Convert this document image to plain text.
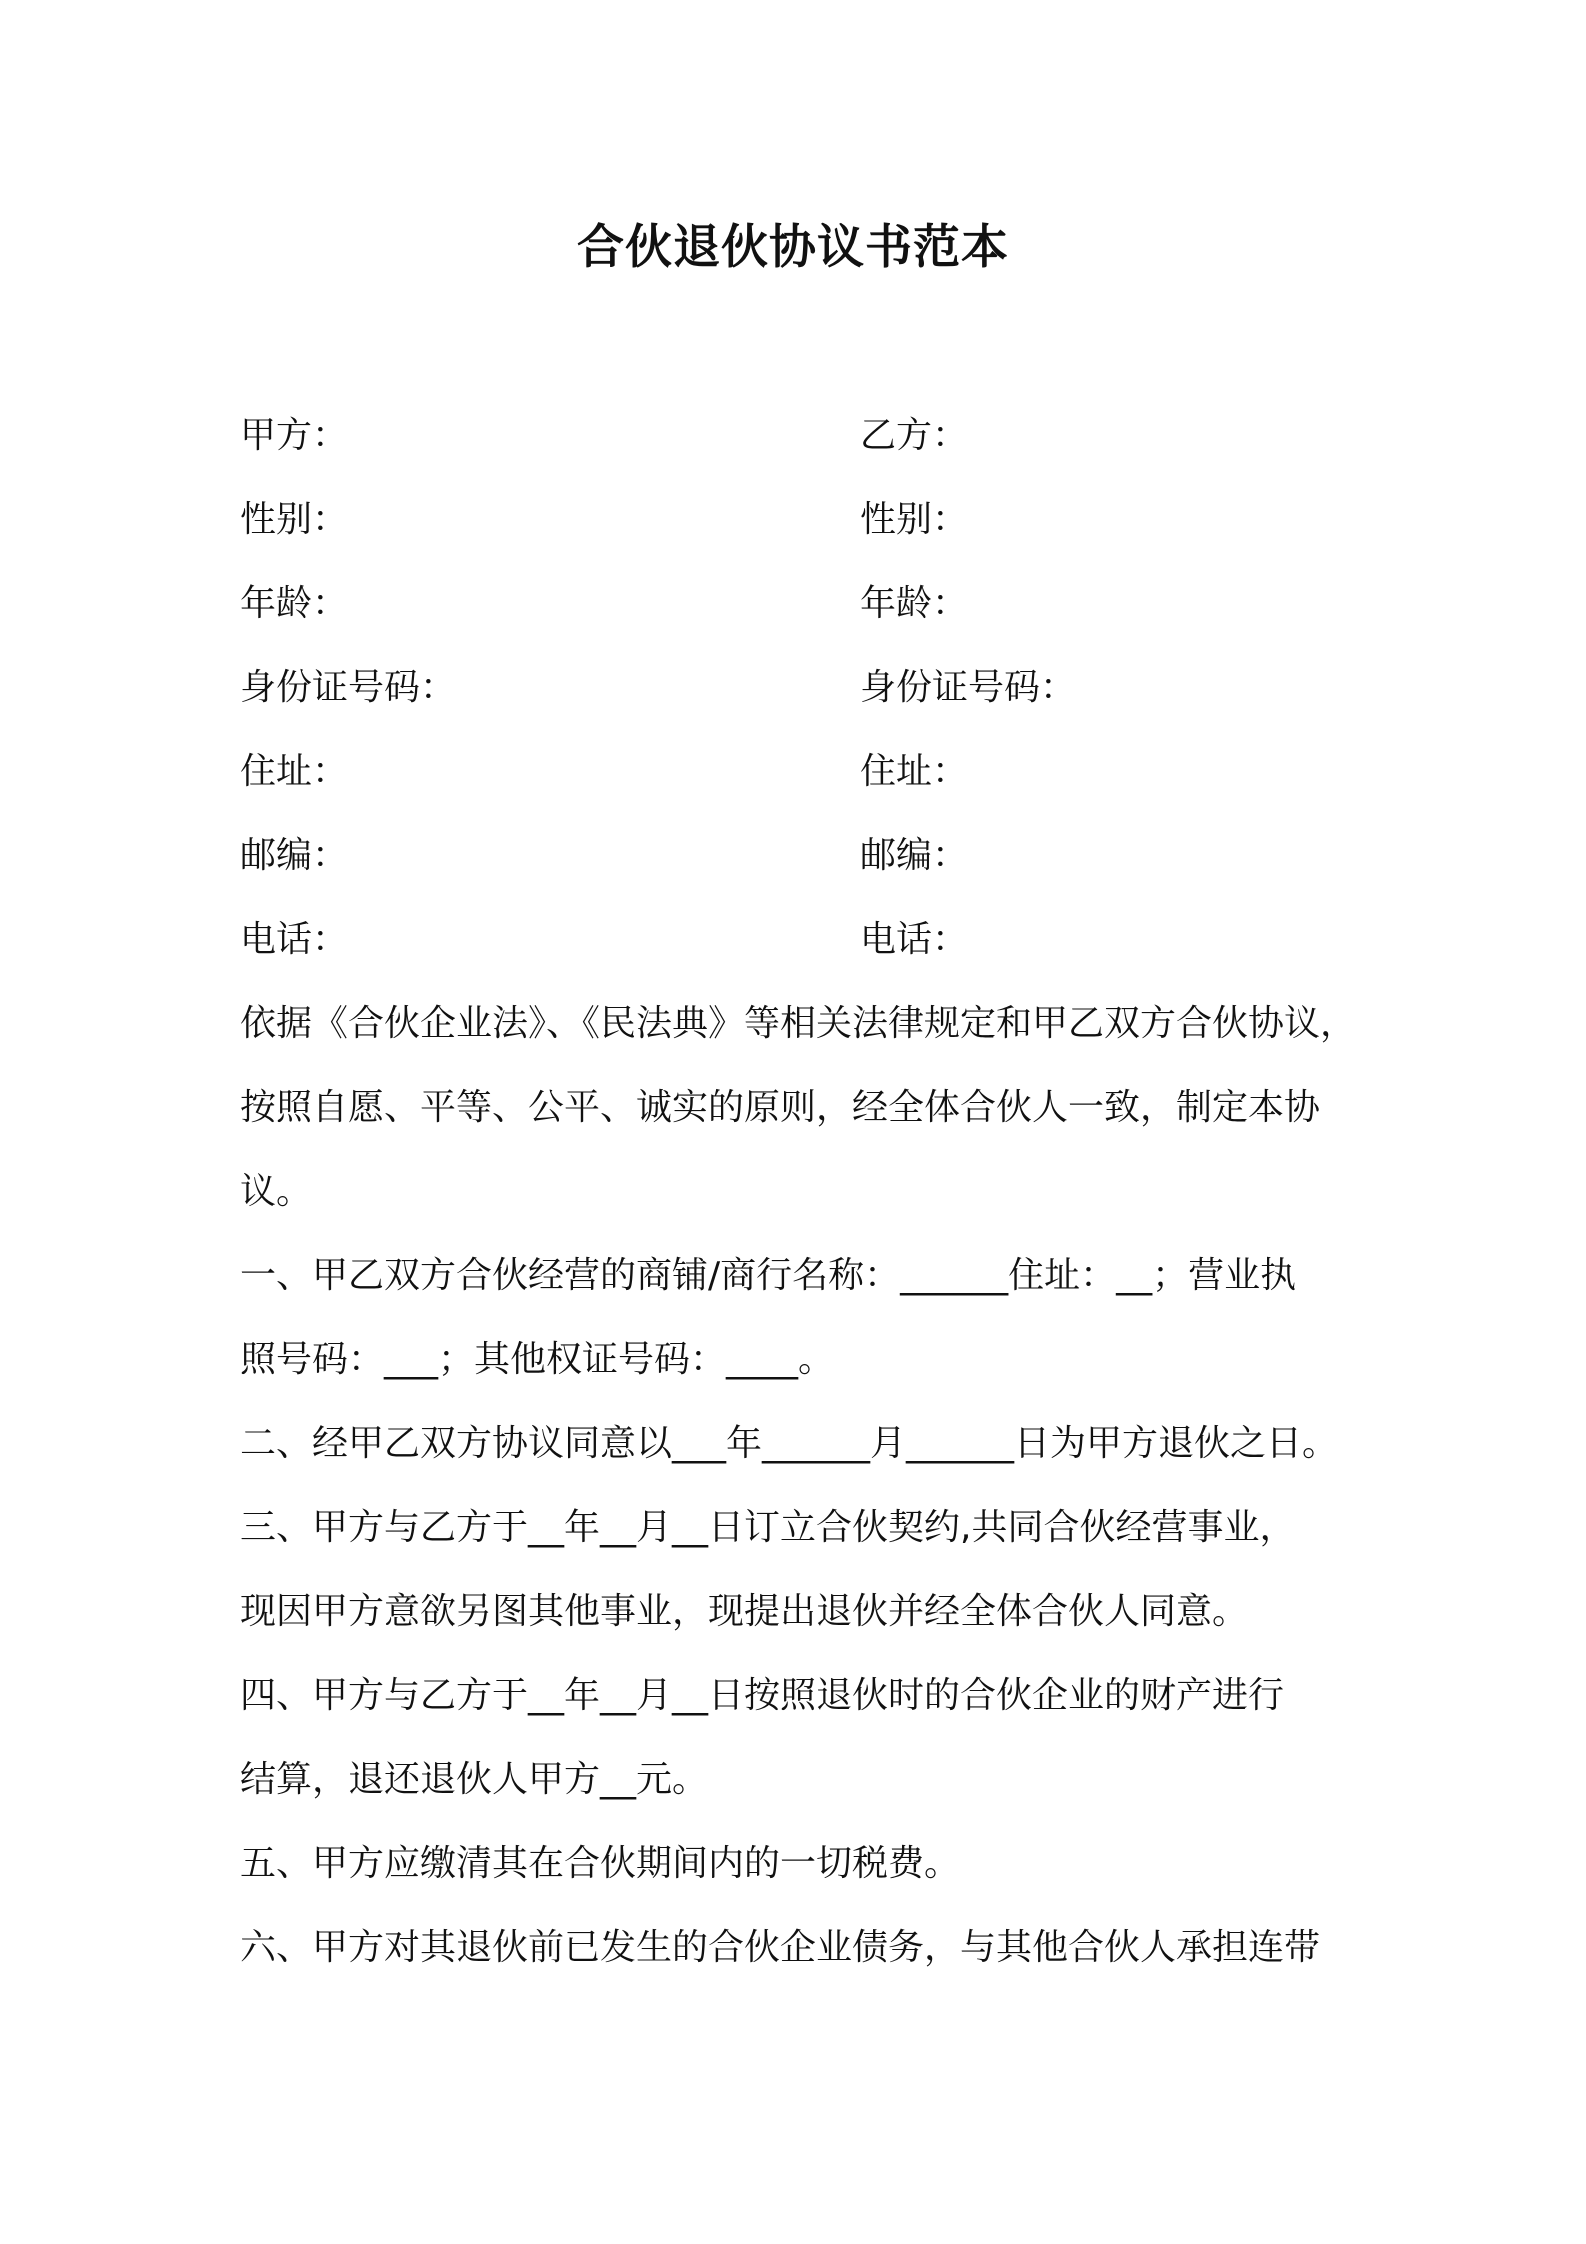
合伙退伙协议书范本
甲方：	乙方：
性别：	性别：
年龄：	年龄：
身份证号码：	身份证号码：
住址：	住址：
邮编：	邮编：
电话：	电话：
依据《合伙企业法》、《民法典》等相关法律规定和甲乙双方合伙协议，
按照自愿、平等、公平、诚实的原则，经全体合伙人一致，制定本协
议。
一、甲乙双方合伙经营的商铺/商行名称：______住址：__；营业执
照号码：___；其他权证号码：____。
二、经甲乙双方协议同意以___年______月______日为甲方退伙之日。
三、甲方与乙方于__年__月__日订立合伙契约,共同合伙经营事业，
现因甲方意欲另图其他事业，现提出退伙并经全体合伙人同意。
四、甲方与乙方于__年__月__日按照退伙时的合伙企业的财产进行
结算，退还退伙人甲方__元。
五、甲方应缴清其在合伙期间内的一切税费。
六、甲方对其退伙前已发生的合伙企业债务，与其他合伙人承担连带
